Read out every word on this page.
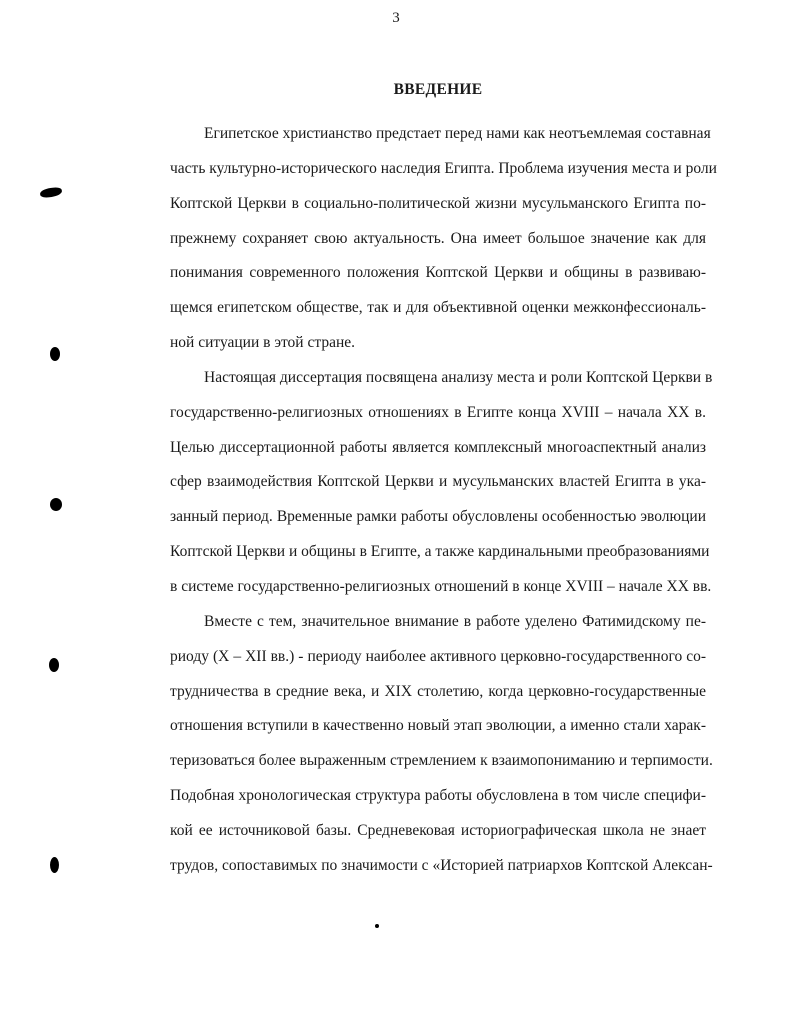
3
ВВЕДЕНИЕ
Египетское христианство предстает перед нами как неотъемлемая составная
часть культурно-исторического наследия Египта. Проблема изучения места и роли
Коптской Церкви в социально-политической жизни мусульманского Египта по-
прежнему сохраняет свою актуальность. Она имеет большое значение как для
понимания современного положения Коптской Церкви и общины в развиваю-
щемся египетском обществе, так и для объективной оценки межконфессиональ-
ной ситуации в этой стране.
Настоящая диссертация посвящена анализу места и роли Коптской Церкви в
государственно-религиозных отношениях в Египте конца XVIII – начала XX в.
Целью диссертационной работы является комплексный многоаспектный анализ
сфер взаимодействия Коптской Церкви и мусульманских властей Египта в ука-
занный период. Временные рамки работы обусловлены особенностью эволюции
Коптской Церкви и общины в Египте, а также кардинальными преобразованиями
в системе государственно-религиозных отношений в конце XVIII – начале XX вв.
Вместе с тем, значительное внимание в работе уделено Фатимидскому пе-
риоду (X – XII вв.) - периоду наиболее активного церковно-государственного со-
трудничества в средние века, и XIX столетию, когда церковно-государственные
отношения вступили в качественно новый этап эволюции, а именно стали харак-
теризоваться более выраженным стремлением к взаимопониманию и терпимости.
Подобная хронологическая структура работы обусловлена в том числе специфи-
кой ее источниковой базы. Средневековая историографическая школа не знает
трудов, сопоставимых по значимости с «Историей патриархов Коптской Алексан-
